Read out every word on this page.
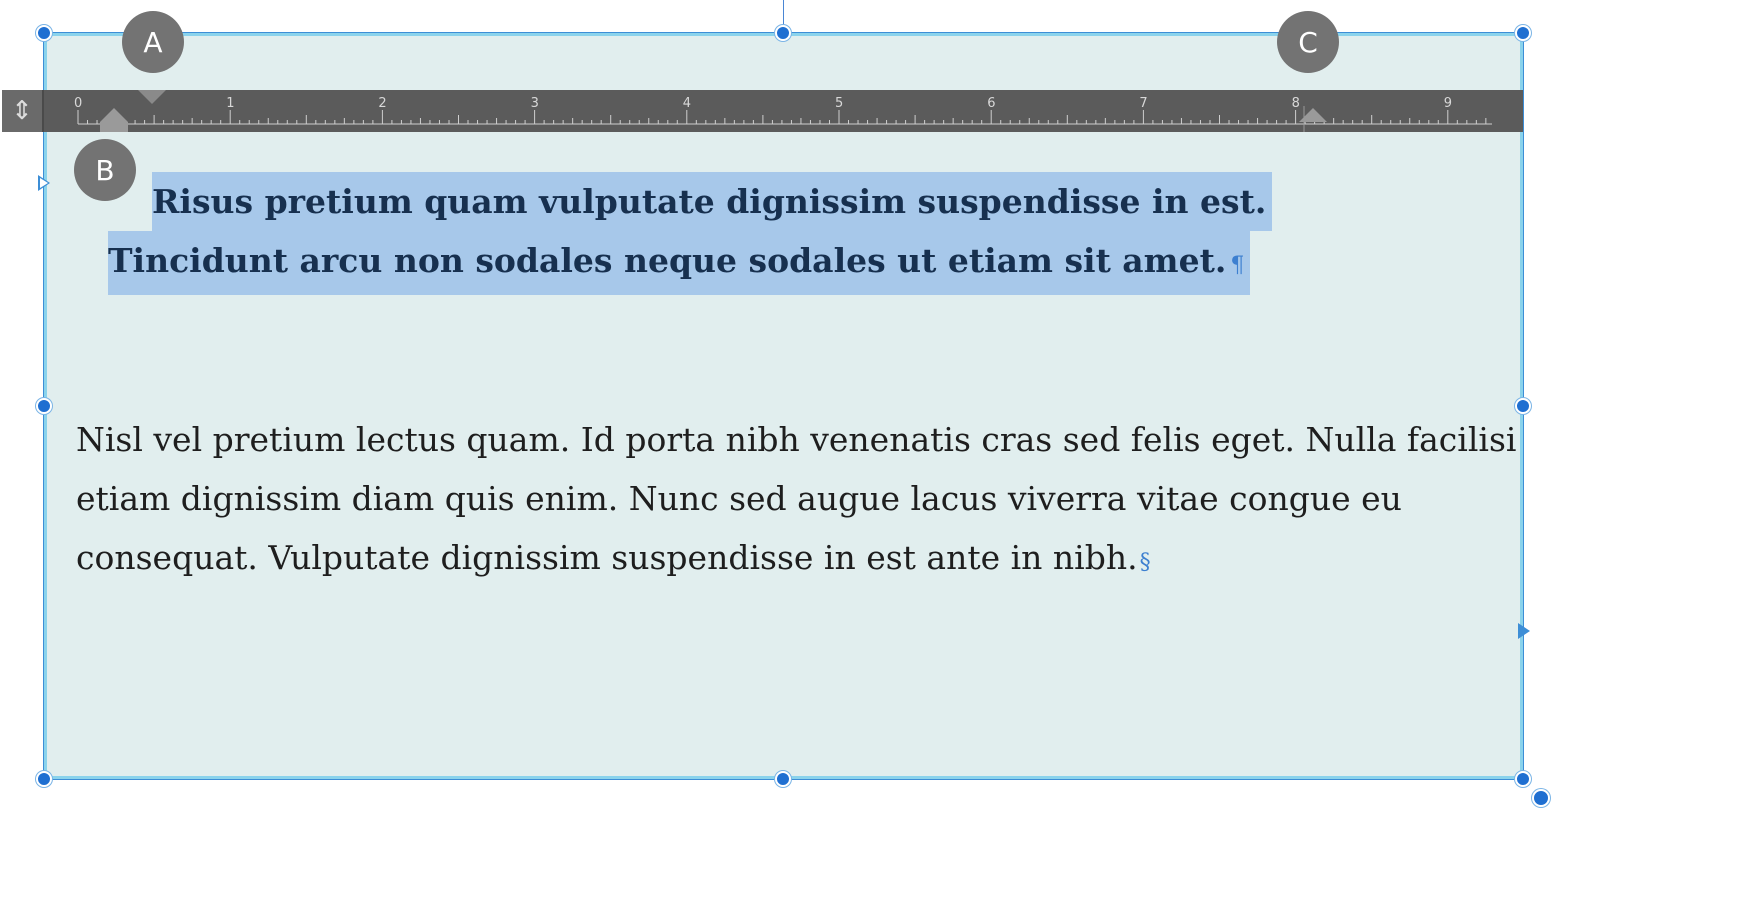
⇕	0	1	2	3	4	5	6	7	8	9
A
B
C
Risus pretium quam vulputate dignissim suspendisse in est.
Tincidunt arcu non sodales neque sodales ut etiam sit amet. ¶
Nisl vel pretium lectus quam. Id porta nibh venenatis cras sed felis eget. Nulla facilisi
etiam dignissim diam quis enim. Nunc sed augue lacus viverra vitae congue eu
consequat. Vulputate dignissim suspendisse in est ante in nibh.§
